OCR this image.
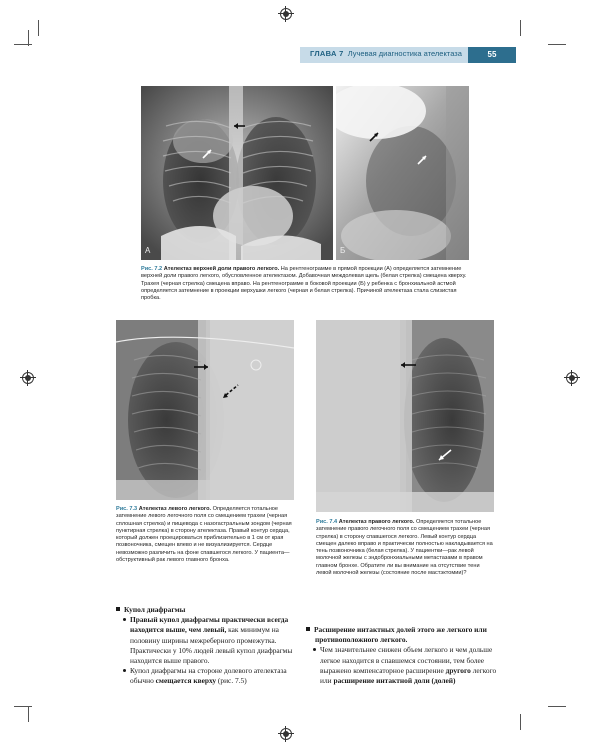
ГЛАВА 7 Лучевая диагностика ателектаза	55
А	Б
Рис. 7.2 Ателектаз верхней доли правого легкого. На рентгенограмме в прямой проекции (А) определяется затемнение верхней доли правого легкого, обусловленное ателектазом. Добавочная междолевая щель (белая стрелка) смещена кверху. Трахея (черная стрелка) смещена вправо. На рентгенограмме в боковой проекции (Б) у ребенка с бронхиальной астмой определяется затемнение в проекции верхушки легкого (черная и белая стрелка). Причиной ателектаза стала слизистая пробка.
Рис. 7.3 Ателектаз левого легкого. Определяется тотальное затемнение левого легочного поля со смещением трахеи (черная сплошная стрелка) и пищевода с назогастральным зондом (черная пунктирная стрелка) в сторону ателектаза. Правый контур сердца, который должен проецироваться приблизительно в 1 см от края позвоночника, смещен влево и не визуализируется. Сердце невозможно различить на фоне спавшегося легкого. У пациента—обструктивный рак левого главного бронха.
Рис. 7.4 Ателектаз правого легкого. Определяется тотальное затемнение правого легочного поля со смещением трахеи (черная стрелка) в сторону спавшегося легкого. Левый контур сердца смещен далеко вправо и практически полностью накладывается на тень позвоночника (белая стрелка). У пациентки—рак левой молочной железы с эндобронхиальными метастазами в правом главном бронхе. Обратите ли вы внимание на отсутствие тени левой молочной железы (состояние после мастэктомии)?
Купол диафрагмы
Правый купол диафрагмы практически всегда находится выше, чем левый, как минимум на половину ширины межреберного промежутка. Практически у 10% людей левый купол диафрагмы находится выше правого.
Купол диафрагмы на стороне долевого ателектаза обычно смещается кверху (рис. 7.5)
Расширение интактных долей этого же легкого или противоположного легкого.
Чем значительнее снижен объем легкого и чем дольше легкое находится в спавшемся состоянии, тем более выражено компенсаторное расширение другого легкого или расширение интактной доли (долей)
